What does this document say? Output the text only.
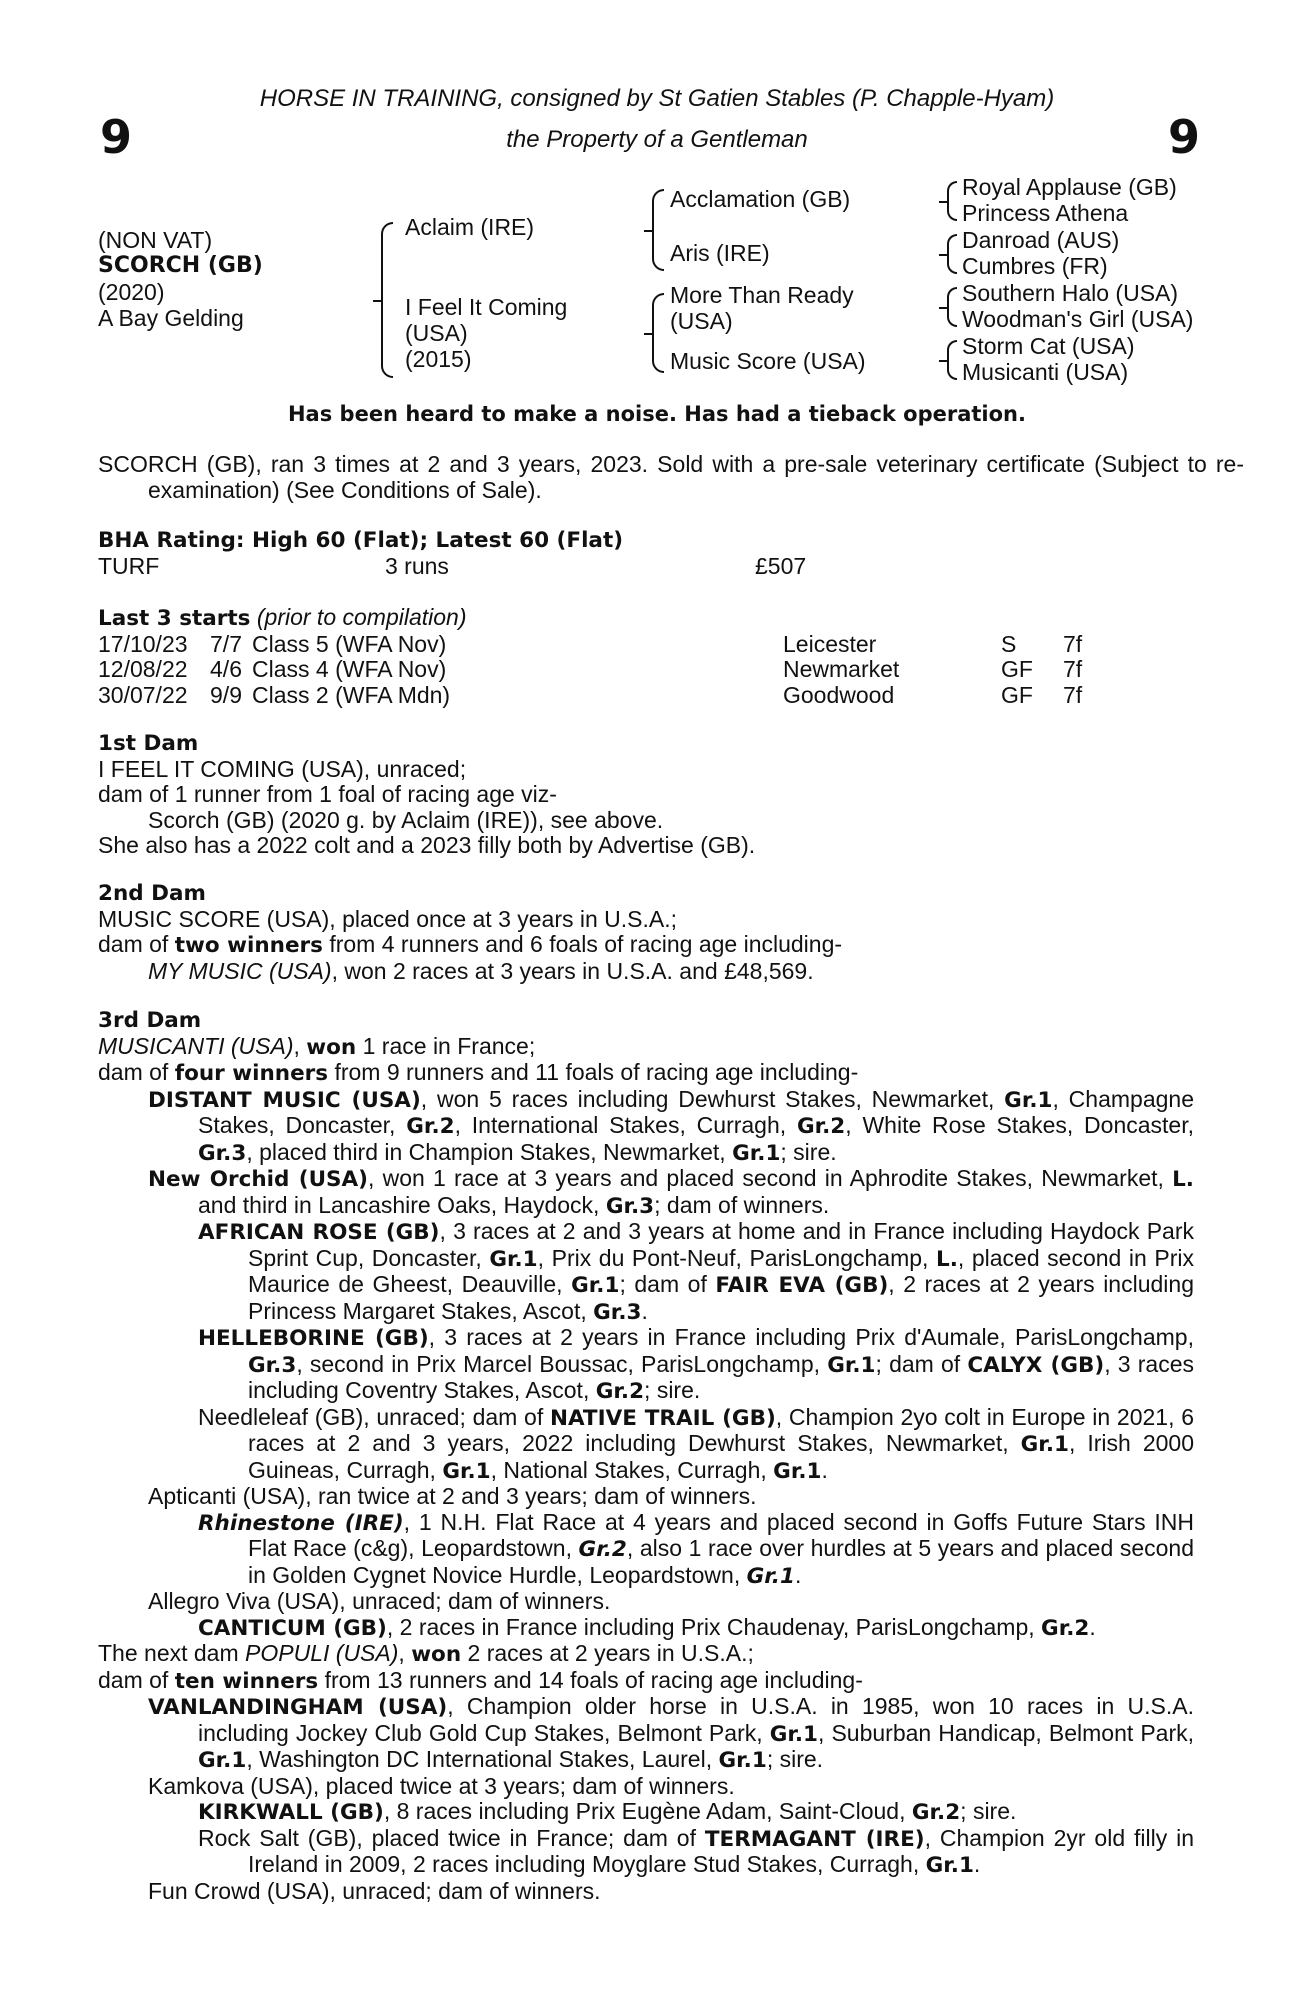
9	9
HORSE IN TRAINING, consigned by St Gatien Stables (P. Chapple-Hyam)
the Property of a Gentleman
(NON VAT)
SCORCH (GB)
(2020)
A Bay Gelding
Aclaim (IRE)
I Feel It Coming
(USA)
(2015)
Acclamation (GB)
Aris (IRE)
More Than Ready
(USA)
Music Score (USA)
Royal Applause (GB)
Princess Athena
Danroad (AUS)
Cumbres (FR)
Southern Halo (USA)
Woodman's Girl (USA)
Storm Cat (USA)
Musicanti (USA)
Has been heard to make a noise. Has had a tieback operation.
SCORCH (GB), ran 3 times at 2 and 3 years, 2023. Sold with a pre-sale veterinary certificate (Subject to re-examination) (See Conditions of Sale).
BHA Rating: High 60 (Flat); Latest 60 (Flat)
TURF	3 runs	£507
Last 3 starts (prior to compilation)
17/10/23 7/7 Class 5 (WFA Nov)	Leicester	S	7f
12/08/22 4/6 Class 4 (WFA Nov)	Newmarket	GF	7f
30/07/22 9/9 Class 2 (WFA Mdn)	Goodwood	GF	7f
1st Dam
I FEEL IT COMING (USA), unraced;
dam of 1 runner from 1 foal of racing age viz-
Scorch (GB) (2020 g. by Aclaim (IRE)), see above.
She also has a 2022 colt and a 2023 filly both by Advertise (GB).
2nd Dam
MUSIC SCORE (USA), placed once at 3 years in U.S.A.;
dam of two winners from 4 runners and 6 foals of racing age including-
MY MUSIC (USA), won 2 races at 3 years in U.S.A. and £48,569.
3rd Dam
MUSICANTI (USA), won 1 race in France;
dam of four winners from 9 runners and 11 foals of racing age including-
DISTANT MUSIC (USA), won 5 races including Dewhurst Stakes, Newmarket, Gr.1, Champagne Stakes, Doncaster, Gr.2, International Stakes, Curragh, Gr.2, White Rose Stakes, Doncaster, Gr.3, placed third in Champion Stakes, Newmarket, Gr.1; sire.
New Orchid (USA), won 1 race at 3 years and placed second in Aphrodite Stakes, Newmarket, L. and third in Lancashire Oaks, Haydock, Gr.3; dam of winners.
AFRICAN ROSE (GB), 3 races at 2 and 3 years at home and in France including Haydock Park Sprint Cup, Doncaster, Gr.1, Prix du Pont-Neuf, ParisLongchamp, L., placed second in Prix Maurice de Gheest, Deauville, Gr.1; dam of FAIR EVA (GB), 2 races at 2 years including Princess Margaret Stakes, Ascot, Gr.3.
HELLEBORINE (GB), 3 races at 2 years in France including Prix d'Aumale, ParisLongchamp, Gr.3, second in Prix Marcel Boussac, ParisLongchamp, Gr.1; dam of CALYX (GB), 3 races including Coventry Stakes, Ascot, Gr.2; sire.
Needleleaf (GB), unraced; dam of NATIVE TRAIL (GB), Champion 2yo colt in Europe in 2021, 6 races at 2 and 3 years, 2022 including Dewhurst Stakes, Newmarket, Gr.1, Irish 2000 Guineas, Curragh, Gr.1, National Stakes, Curragh, Gr.1.
Apticanti (USA), ran twice at 2 and 3 years; dam of winners.
Rhinestone (IRE), 1 N.H. Flat Race at 4 years and placed second in Goffs Future Stars INH Flat Race (c&g), Leopardstown, Gr.2, also 1 race over hurdles at 5 years and placed second in Golden Cygnet Novice Hurdle, Leopardstown, Gr.1.
Allegro Viva (USA), unraced; dam of winners.
CANTICUM (GB), 2 races in France including Prix Chaudenay, ParisLongchamp, Gr.2.
The next dam POPULI (USA), won 2 races at 2 years in U.S.A.;
dam of ten winners from 13 runners and 14 foals of racing age including-
VANLANDINGHAM (USA), Champion older horse in U.S.A. in 1985, won 10 races in U.S.A. including Jockey Club Gold Cup Stakes, Belmont Park, Gr.1, Suburban Handicap, Belmont Park, Gr.1, Washington DC International Stakes, Laurel, Gr.1; sire.
Kamkova (USA), placed twice at 3 years; dam of winners.
KIRKWALL (GB), 8 races including Prix Eugène Adam, Saint-Cloud, Gr.2; sire.
Rock Salt (GB), placed twice in France; dam of TERMAGANT (IRE), Champion 2yr old filly in Ireland in 2009, 2 races including Moyglare Stud Stakes, Curragh, Gr.1.
Fun Crowd (USA), unraced; dam of winners.
